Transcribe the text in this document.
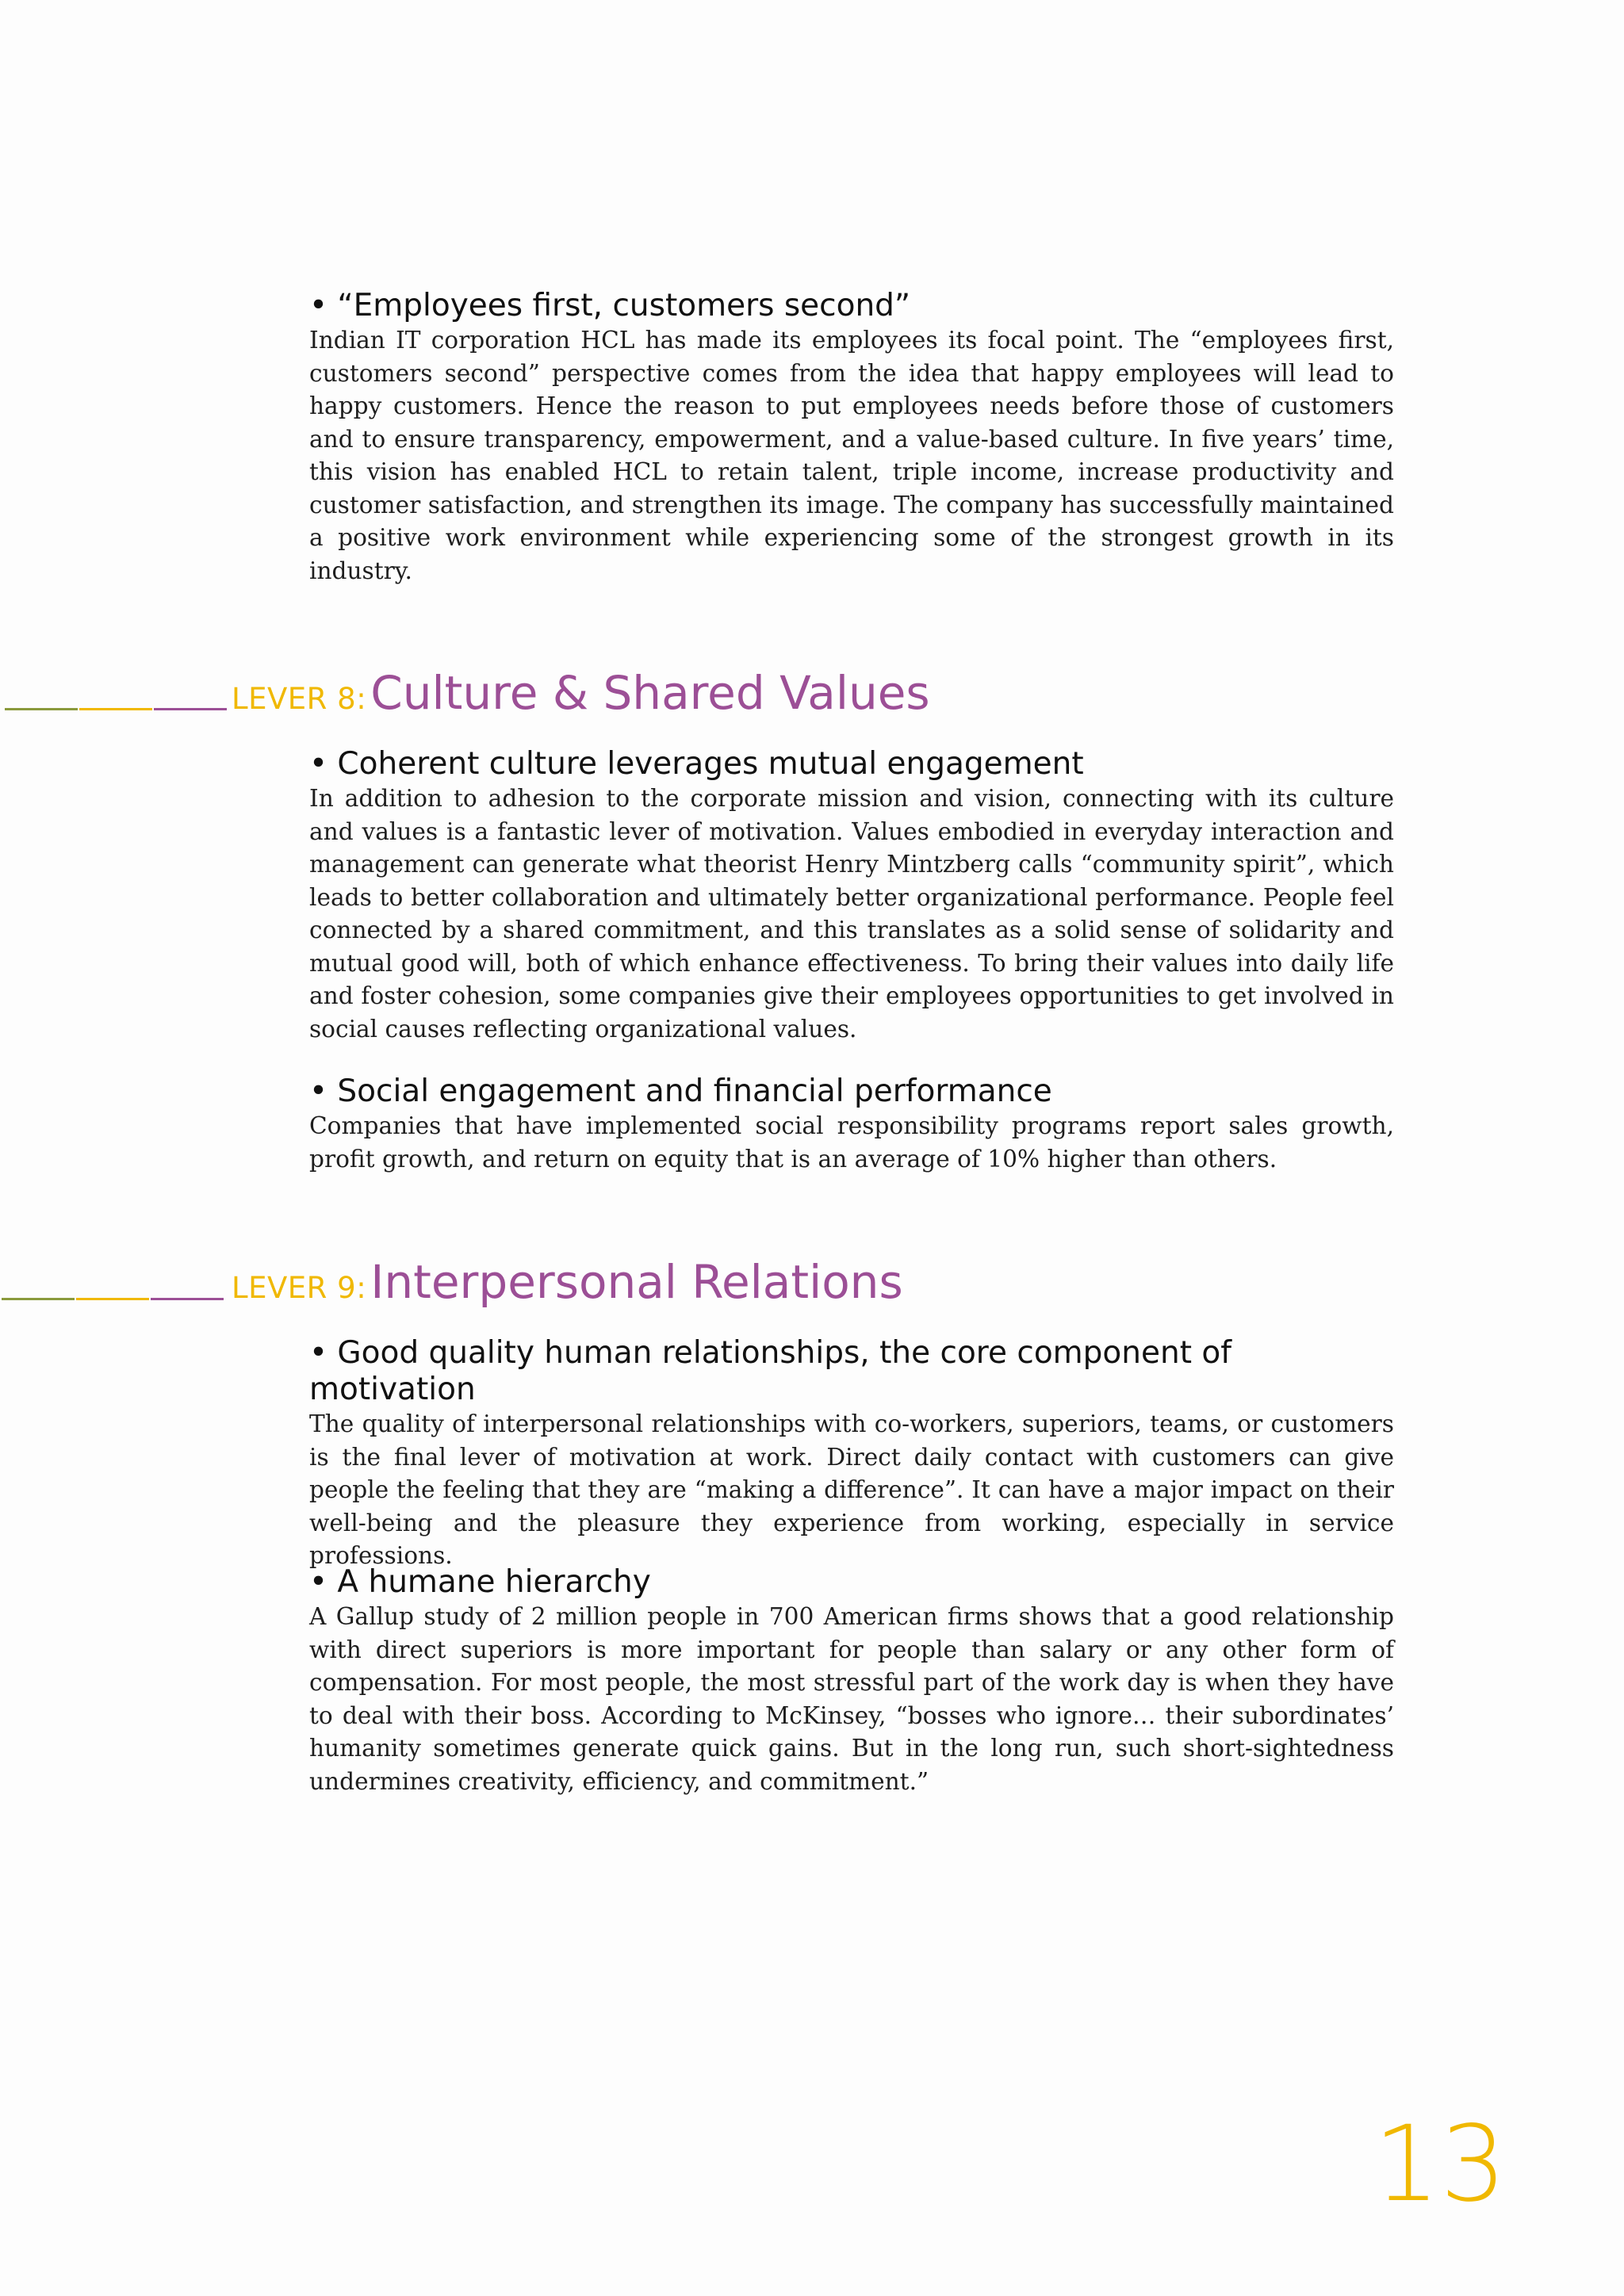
• “Employees first, customers second”

Indian IT corporation HCL has made its employees its focal point. The “employees first, customers second” perspective comes from the idea that happy employees will lead to happy customers. Hence the reason to put employees needs before those of customers and to ensure transparency, empowerment, and a value-based culture. In five years’ time, this vision has enabled HCL to retain talent, triple income, increase productivity and customer satisfaction, and strengthen its image. The company has successfully maintained a positive work environment while experiencing some of the strongest growth in its industry.

LEVER 8: Culture & Shared Values
• Coherent culture leverages mutual engagement

In addition to adhesion to the corporate mission and vision, connecting with its culture and values is a fantastic lever of motivation. Values embodied in everyday interaction and management can generate what theorist Henry Mintzberg calls “community spirit”, which leads to better collaboration and ultimately better organizational performance. People feel connected by a shared commitment, and this translates as a solid sense of solidarity and mutual good will, both of which enhance effectiveness. To bring their values into daily life and foster cohesion, some companies give their employees opportunities to get involved in social causes reflecting organizational values.

• Social engagement and financial performance

Companies that have implemented social responsibility programs report sales growth, profit growth, and return on equity that is an average of 10% higher than others.

LEVER 9: Interpersonal Relations
• Good quality human relationships, the core component of motivation

The quality of interpersonal relationships with co-workers, superiors, teams, or customers is the final lever of motivation at work. Direct daily contact with customers can give people the feeling that they are “making a difference”. It can have a major impact on their well-being and the pleasure they experience from working, especially in service professions.

• A humane hierarchy

A Gallup study of 2 million people in 700 American firms shows that a good relationship with direct superiors is more important for people than salary or any other form of compensation. For most people, the most stressful part of the work day is when they have to deal with their boss. According to McKinsey, “bosses who ignore… their subordinates’ humanity sometimes generate quick gains. But in the long run, such short-sightedness undermines creativity, efficiency, and commitment.”

13
